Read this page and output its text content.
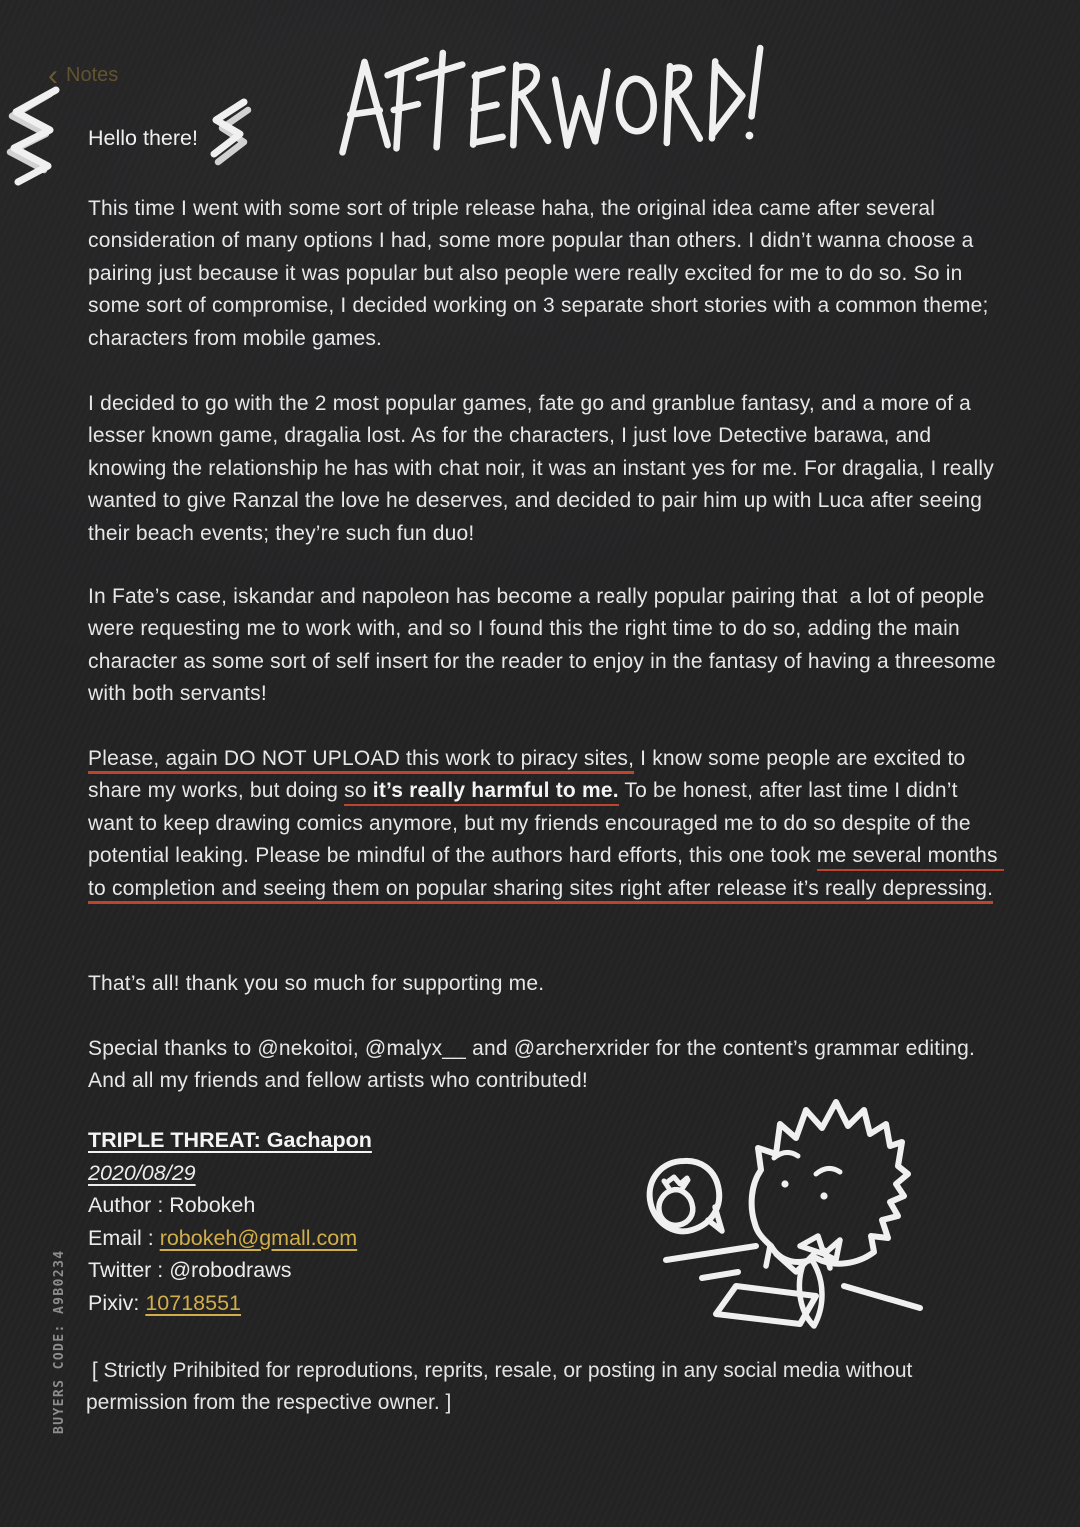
‹ Notes
Hello there!

This time I went with some sort of triple release haha, the original idea came after several consideration of many options I had, some more popular than others. I didn’t wanna choose a pairing just because it was popular but also people were really excited for me to do so. So in some sort of compromise, I decided working on 3 separate short stories with a common theme; characters from mobile games.

I decided to go with the 2 most popular games, fate go and granblue fantasy, and a more of a lesser known game, dragalia lost. As for the characters, I just love Detective barawa, and knowing the relationship he has with chat noir, it was an instant yes for me. For dragalia, I really wanted to give Ranzal the love he deserves, and decided to pair him up with Luca after seeing their beach events; they’re such fun duo!

In Fate’s case, iskandar and napoleon has become a really popular pairing that  a lot of people were requesting me to work with, and so I found this the right time to do so, adding the main character as some sort of self insert for the reader to enjoy in the fantasy of having a threesome with both servants!

Please, again DO NOT UPLOAD this work to piracy sites, I know some people are excited to share my works, but doing so it’s really harmful to me. To be honest, after last time I didn’t want to keep drawing comics anymore, but my friends encouraged me to do so despite of the potential leaking. Please be mindful of the authors hard efforts, this one took me several months to completion and seeing them on popular sharing sites right after release it’s really depressing.

That’s all! thank you so much for supporting me.

Special thanks to @nekoitoi, @malyx__ and @archerxrider for the content’s grammar editing.  And all my friends and fellow artists who contributed!

TRIPLE THREAT: Gachapon
2020/08/29
Author : Robokeh
Email : robokeh@gmall.com
Twitter : @robodraws
Pixiv: 10718551

[ Strictly Prihibited for reprodutions, reprits, resale, or posting in any social media without permission from the respective owner. ]

BUYERS CODE: A9B0234
